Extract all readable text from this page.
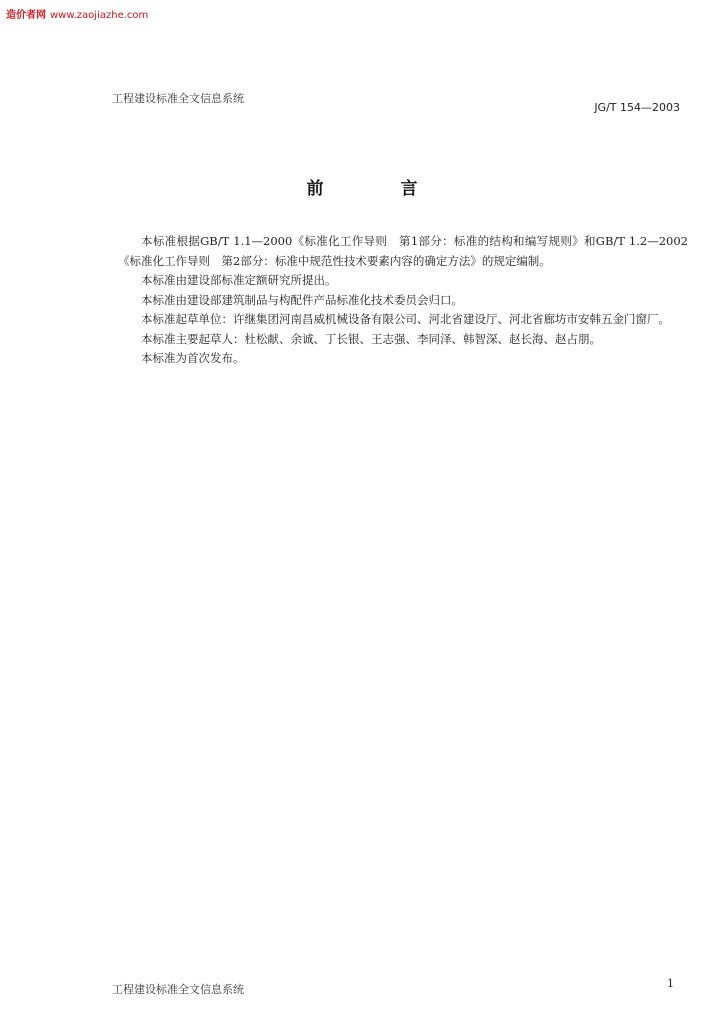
造价者网 www.zaojiazhe.com
工程建设标准全文信息系统
JG/T 154—2003
前　言

本标准根据GB/T 1.1—2000《标准化工作导则　第1部分：标准的结构和编写规则》和GB/T 1.2—2002《标准化工作导则　第2部分：标准中规范性技术要素内容的确定方法》的规定编制。

本标准由建设部标准定额研究所提出。

本标准由建设部建筑制品与构配件产品标准化技术委员会归口。

本标准起草单位：许继集团河南昌威机械设备有限公司、河北省建设厅、河北省廊坊市安韩五金门窗厂。

本标准主要起草人：杜松献、余诚、丁长银、王志强、李同泽、韩智深、赵长海、赵占朋。

本标准为首次发布。

工程建设标准全文信息系统	1
